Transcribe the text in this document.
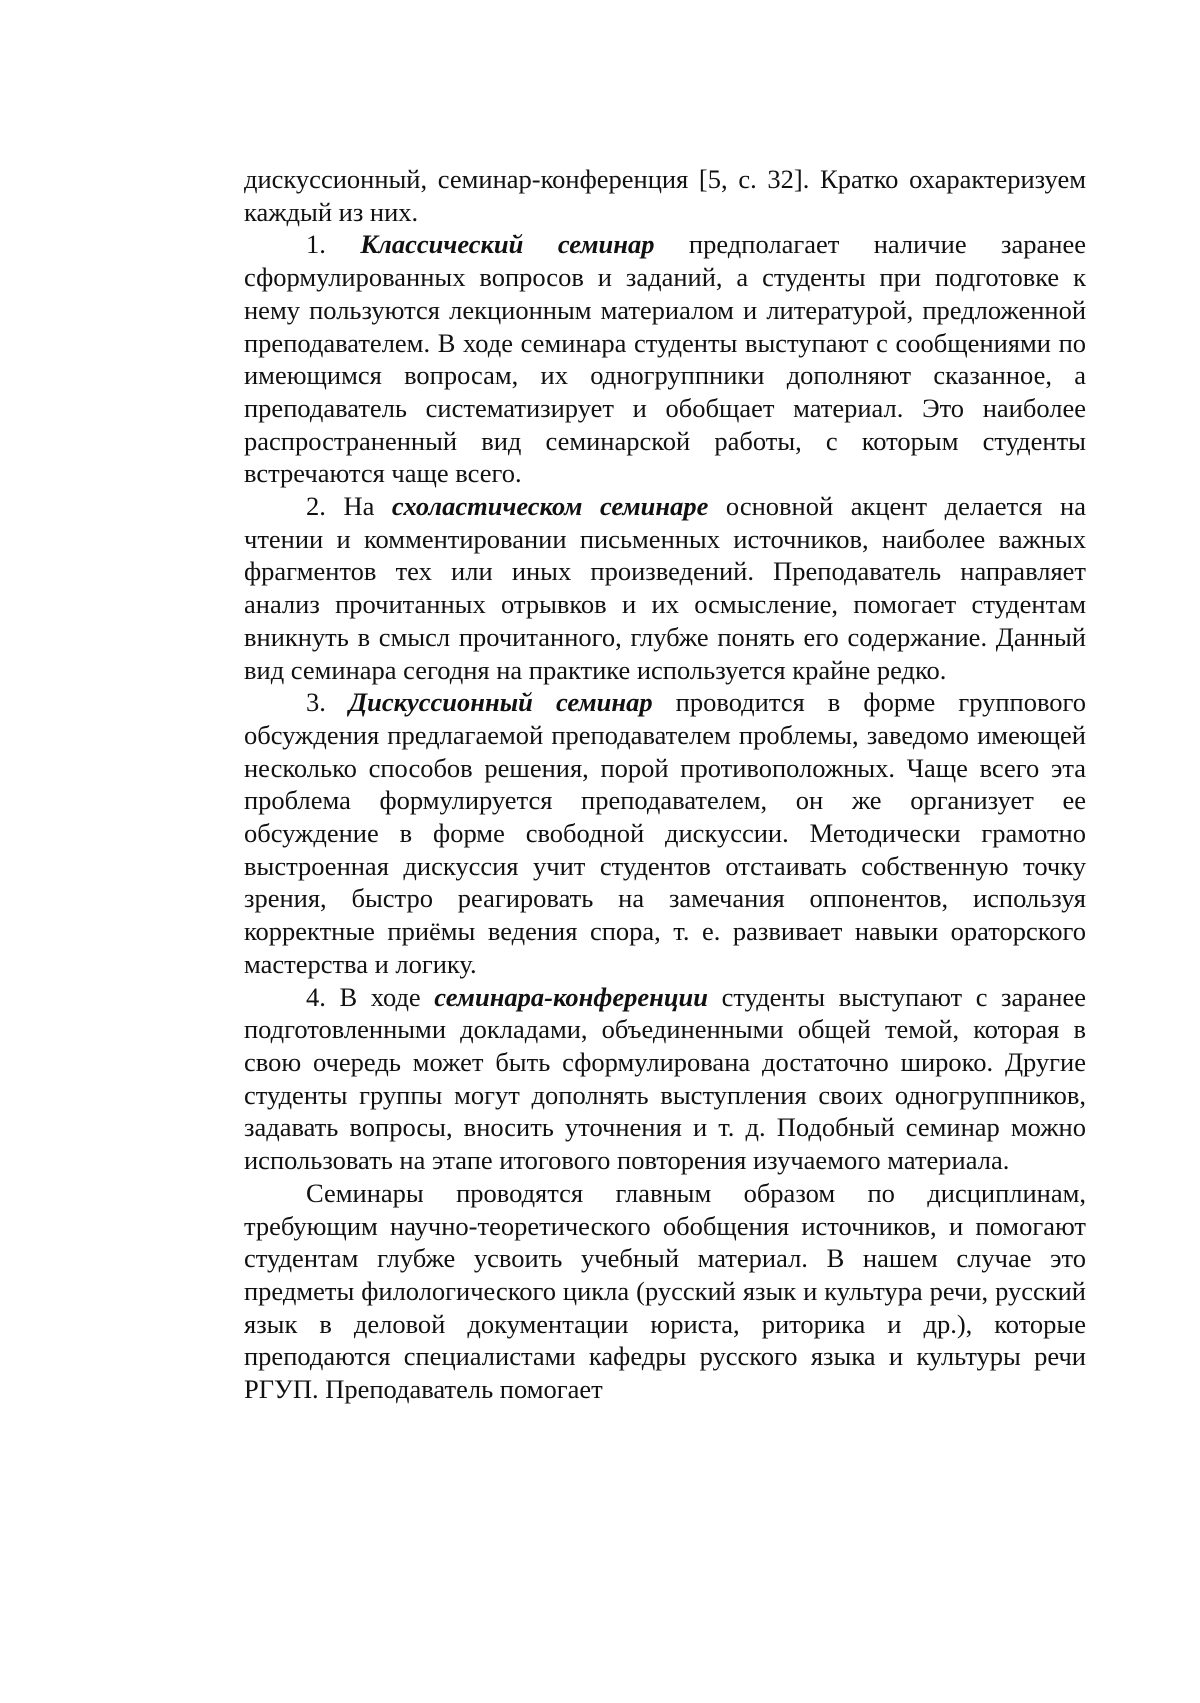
дискуссионный, семинар-конференция [5, с. 32]. Кратко охарактеризуем каждый из них.

1. Классический семинар предполагает наличие заранее сформулированных вопросов и заданий, а студенты при подготовке к нему пользуются лекционным материалом и литературой, предложенной преподавателем. В ходе семинара студенты выступают с сообщениями по имеющимся вопросам, их одногруппники дополняют сказанное, а преподаватель систематизирует и обобщает материал. Это наиболее распространенный вид семинарской работы, с которым студенты встречаются чаще всего.

2. На схоластическом семинаре основной акцент делается на чтении и комментировании письменных источников, наиболее важных фрагментов тех или иных произведений. Преподаватель направляет анализ прочитанных отрывков и их осмысление, помогает студентам вникнуть в смысл прочитанного, глубже понять его содержание. Данный вид семинара сегодня на практике используется крайне редко.

3. Дискуссионный семинар проводится в форме группового обсуждения предлагаемой преподавателем проблемы, заведомо имеющей несколько способов решения, порой противоположных. Чаще всего эта проблема формулируется преподавателем, он же организует ее обсуждение в форме свободной дискуссии. Методически грамотно выстроенная дискуссия учит студентов отстаивать собственную точку зрения, быстро реагировать на замечания оппонентов, используя корректные приёмы ведения спора, т. е. развивает навыки ораторского мастерства и логику.

4. В ходе семинара-конференции студенты выступают с заранее подготовленными докладами, объединенными общей темой, которая в свою очередь может быть сформулирована достаточно широко. Другие студенты группы могут дополнять выступления своих одногруппников, задавать вопросы, вносить уточнения и т. д. Подобный семинар можно использовать на этапе итогового повторения изучаемого материала.

Семинары проводятся главным образом по дисциплинам, требующим научно-теоретического обобщения источников, и помогают студентам глубже усвоить учебный материал. В нашем случае это предметы филологического цикла (русский язык и культура речи, русский язык в деловой документации юриста, риторика и др.), которые преподаются специалистами кафедры русского языка и культуры речи РГУП. Преподаватель помогает
